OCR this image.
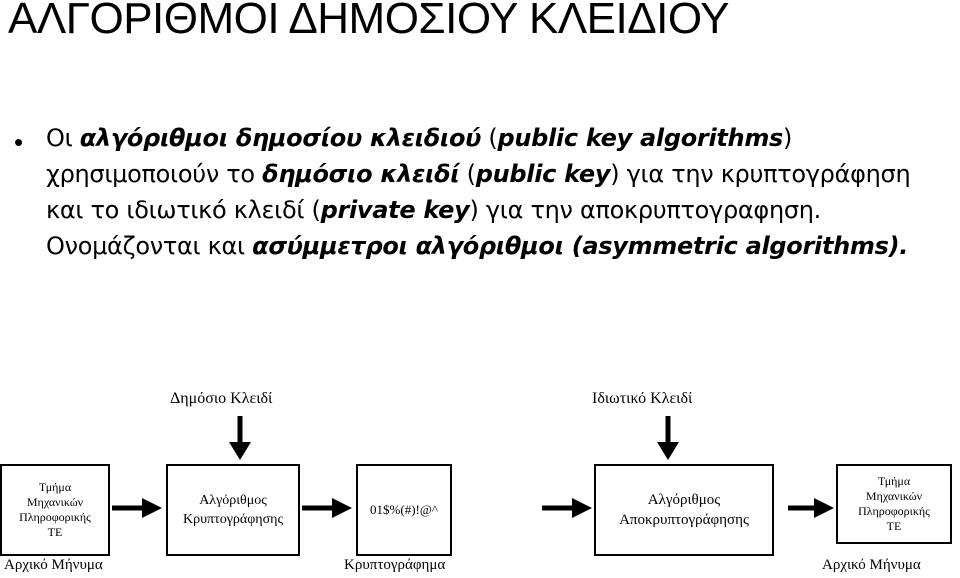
ΑΛΓΟΡΙΘΜΟΙ ΔΗΜΟΣΙΟΥ ΚΛΕΙΔΙΟΥ
• Οι αλγόριθμοι δημοσίου κλειδιού (public key algorithms) χρησιμοποιούν το δημόσιο κλειδί (public key) για την κρυπτογράφηση και το ιδιωτικό κλειδί (private key) για την αποκρυπτογραφηση. Ονομάζονται και ασύμμετροι αλγόριθμοι (asymmetric algorithms).

Δημόσιο Κλειδί	Ιδιωτικό Κλειδί
Τμήμα
Μηχανικών
Πληροφορικής
ΤΕ
Αλγόριθμος
Κρυπτογράφησης
01$%(#)!@^
Αλγόριθμος
Αποκρυπτογράφησης
Τμήμα
Μηχανικών
Πληροφορικής
ΤΕ
Αρχικό Μήνυμα	Κρυπτογράφημα	Αρχικό Μήνυμα
